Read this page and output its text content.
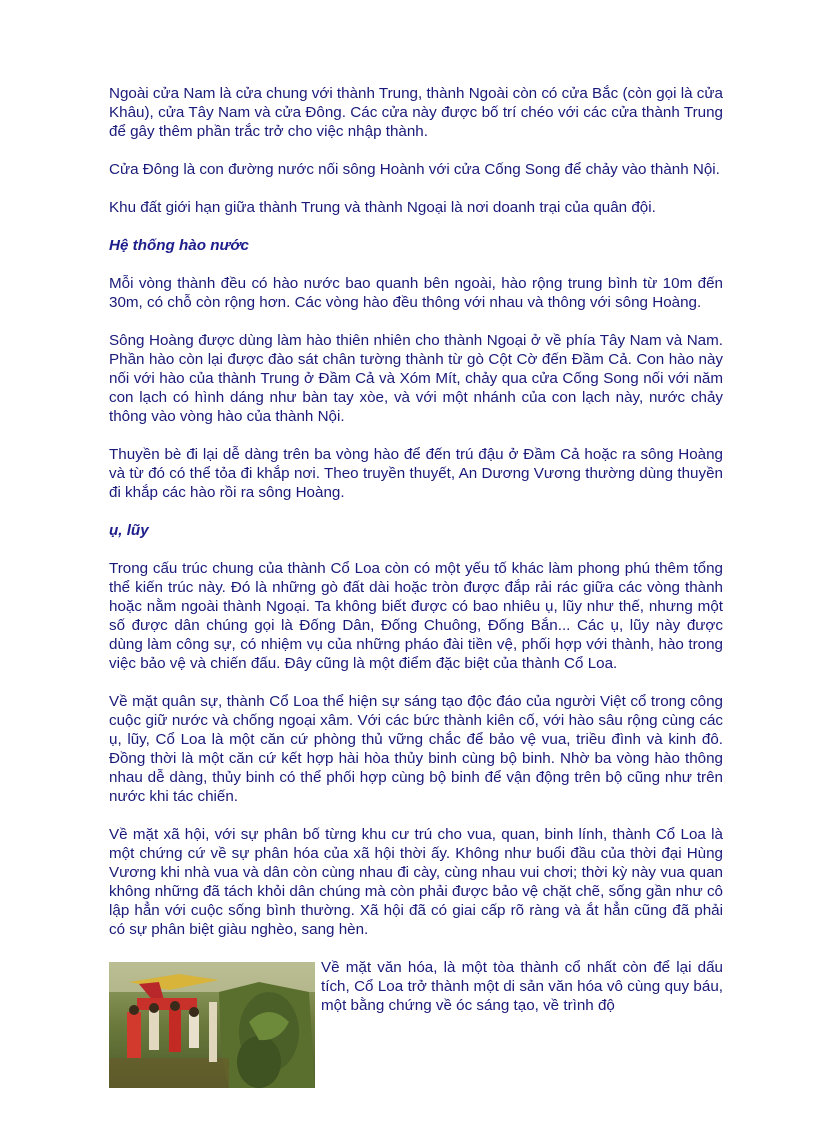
Ngoài cửa Nam là cửa chung với thành Trung, thành Ngoài còn có cửa Bắc (còn gọi là cửa Khâu), cửa Tây Nam và cửa Đông. Các cửa này được bố trí chéo với các cửa thành Trung để gây thêm phần trắc trở cho việc nhập thành.

Cửa Đông là con đường nước nối sông Hoành với cửa Cống Song để chảy vào thành Nội.

Khu đất giới hạn giữa thành Trung và thành Ngoại là nơi doanh trại của quân đội.

Hệ thống hào nước

Mỗi vòng thành đều có hào nước bao quanh bên ngoài, hào rộng trung bình từ 10m đến 30m, có chỗ còn rộng hơn. Các vòng hào đều thông với nhau và thông với sông Hoàng.

Sông Hoàng được dùng làm hào thiên nhiên cho thành Ngoại ở về phía Tây Nam và Nam. Phần hào còn lại được đào sát chân tường thành từ gò Cột Cờ đến Đầm Cả. Con hào này nối với hào của thành Trung ở Đầm Cả và Xóm Mít, chảy qua cửa Cống Song nối với năm con lạch có hình dáng như bàn tay xòe, và với một nhánh của con lạch này, nước chảy thông vào vòng hào của thành Nội.

Thuyền bè đi lại dễ dàng trên ba vòng hào để đến trú đậu ở Đầm Cả hoặc ra sông Hoàng và từ đó có thể tỏa đi khắp nơi. Theo truyền thuyết, An Dương Vương thường dùng thuyền đi khắp các hào rồi ra sông Hoàng.

ụ, lũy

Trong cấu trúc chung của thành Cổ Loa còn có một yếu tố khác làm phong phú thêm tổng thể kiến trúc này. Đó là những gò đất dài hoặc tròn được đắp rải rác giữa các vòng thành hoặc nằm ngoài thành Ngoại. Ta không biết được có bao nhiêu ụ, lũy như thế, nhưng một số được dân chúng gọi là Đống Dân, Đống Chuông, Đống Bắn... Các ụ, lũy này được dùng làm công sự, có nhiệm vụ của những pháo đài tiền vệ, phối hợp với thành, hào trong việc bảo vệ và chiến đấu. Đây cũng là một điểm đặc biệt của thành Cổ Loa.

Về mặt quân sự, thành Cổ Loa thể hiện sự sáng tạo độc đáo của người Việt cổ trong công cuộc giữ nước và chống ngoại xâm. Với các bức thành kiên cố, với hào sâu rộng cùng các ụ, lũy, Cổ Loa là một căn cứ phòng thủ vững chắc để bảo vệ vua, triều đình và kinh đô. Đồng thời là một căn cứ kết hợp hài hòa thủy binh cùng bộ binh. Nhờ ba vòng hào thông nhau dễ dàng, thủy binh có thể phối hợp cùng bộ binh để vận động trên bộ cũng như trên nước khi tác chiến.

Về mặt xã hội, với sự phân bố từng khu cư trú cho vua, quan, binh lính, thành Cổ Loa là một chứng cứ về sự phân hóa của xã hội thời ấy. Không như buổi đầu của thời đại Hùng Vương khi nhà vua và dân còn cùng nhau đi cày, cùng nhau vui chơi; thời kỳ này vua quan không những đã tách khỏi dân chúng mà còn phải được bảo vệ chặt chẽ, sống gần như cô lập hẳn với cuộc sống bình thường. Xã hội đã có giai cấp rõ ràng và ắt hẳn cũng đã phải có sự phân biệt giàu nghèo, sang hèn.

Về mặt văn hóa, là một tòa thành cổ nhất còn để lại dấu tích, Cổ Loa trở thành một di sản văn hóa vô cùng quy báu, một bằng chứng về óc sáng tạo, về trình độ
